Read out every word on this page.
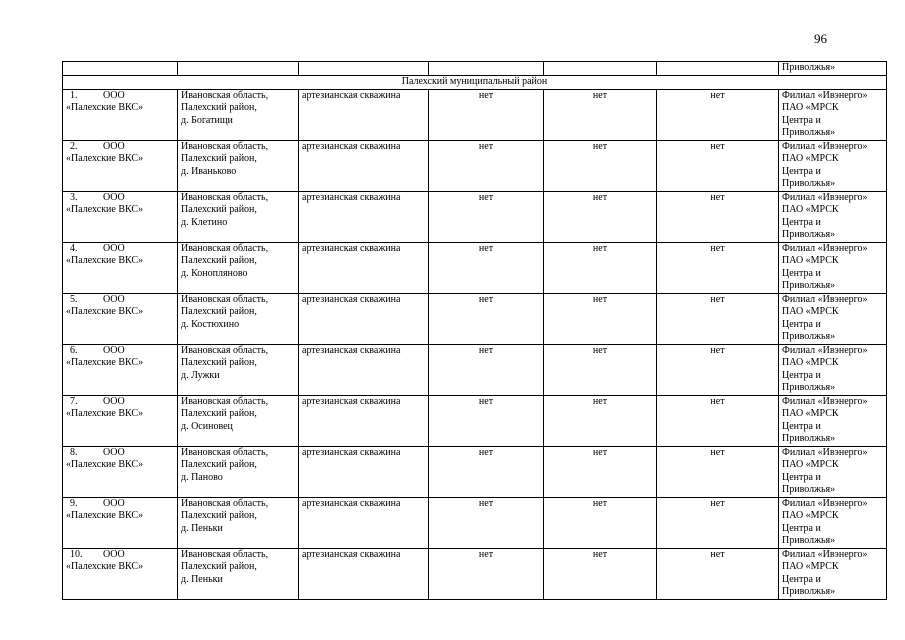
96
						Приволжья»
Палехский муниципальный район						

1. ООО
«Палехские ВКС»	Ивановская область,
Палехский район,
д. Богатищи	артезианская скважина	нет	нет	нет	Филиал «Ивэнерго»
ПАО «МРСК
Центра и
Приволжья»

2. ООО
«Палехские ВКС»	Ивановская область,
Палехский район,
д. Иваньково	артезианская скважина	нет	нет	нет	Филиал «Ивэнерго»
ПАО «МРСК
Центра и
Приволжья»

3. ООО
«Палехские ВКС»	Ивановская область,
Палехский район,
д. Клетино	артезианская скважина	нет	нет	нет	Филиал «Ивэнерго»
ПАО «МРСК
Центра и
Приволжья»

4. ООО
«Палехские ВКС»	Ивановская область,
Палехский район,
д. Конопляново	артезианская скважина	нет	нет	нет	Филиал «Ивэнерго»
ПАО «МРСК
Центра и
Приволжья»

5. ООО
«Палехские ВКС»	Ивановская область,
Палехский район,
д. Костюхино	артезианская скважина	нет	нет	нет	Филиал «Ивэнерго»
ПАО «МРСК
Центра и
Приволжья»

6. ООО
«Палехские ВКС»	Ивановская область,
Палехский район,
д. Лужки	артезианская скважина	нет	нет	нет	Филиал «Ивэнерго»
ПАО «МРСК
Центра и
Приволжья»

7. ООО
«Палехские ВКС»	Ивановская область,
Палехский район,
д. Осиновец	артезианская скважина	нет	нет	нет	Филиал «Ивэнерго»
ПАО «МРСК
Центра и
Приволжья»

8. ООО
«Палехские ВКС»	Ивановская область,
Палехский район,
д. Паново	артезианская скважина	нет	нет	нет	Филиал «Ивэнерго»
ПАО «МРСК
Центра и
Приволжья»

9. ООО
«Палехские ВКС»	Ивановская область,
Палехский район,
д. Пеньки	артезианская скважина	нет	нет	нет	Филиал «Ивэнерго»
ПАО «МРСК
Центра и
Приволжья»

10. ООО
«Палехские ВКС»	Ивановская область,
Палехский район,
д. Пеньки	артезианская скважина	нет	нет	нет	Филиал «Ивэнерго»
ПАО «МРСК
Центра и
Приволжья»
